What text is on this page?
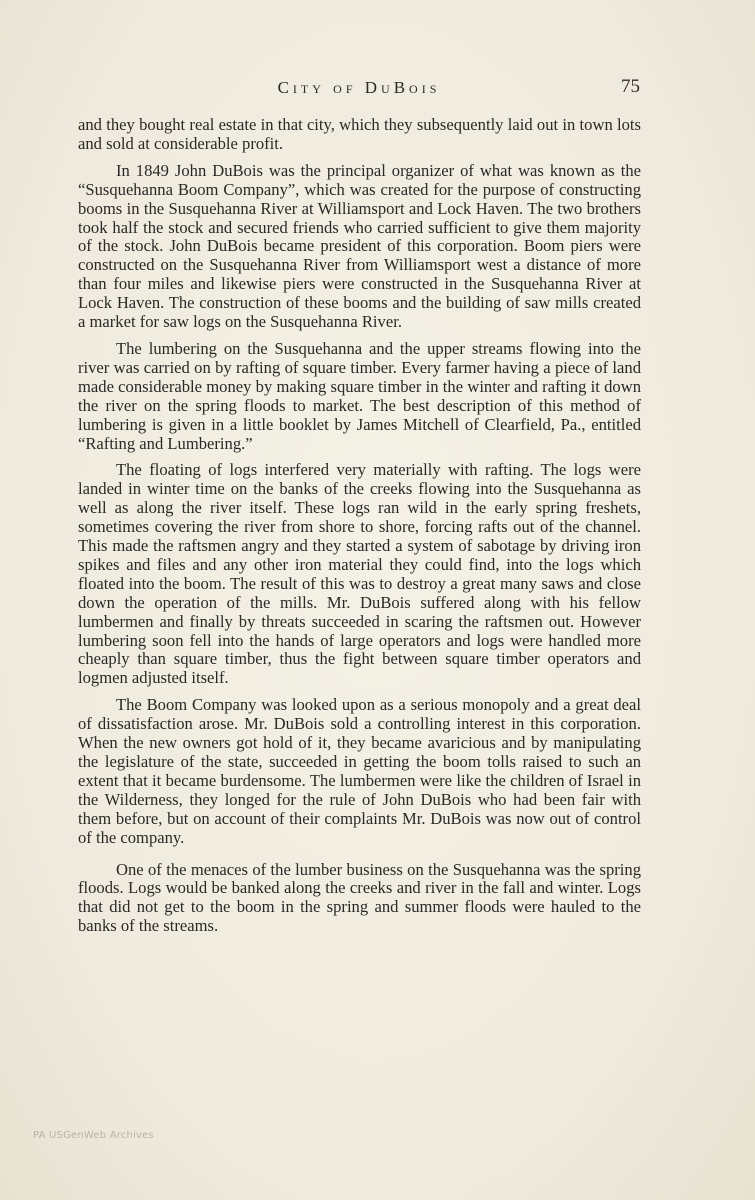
City of DuBois	75

and they bought real estate in that city, which they subsequently laid out in town lots and sold at considerable profit.

In 1849 John DuBois was the principal organizer of what was known as the “Susquehanna Boom Company”, which was created for the purpose of constructing booms in the Susquehanna River at Williamsport and Lock Haven. The two brothers took half the stock and secured friends who carried sufficient to give them majority of the stock. John DuBois became president of this corporation. Boom piers were constructed on the Susquehanna River from Williamsport west a distance of more than four miles and likewise piers were constructed in the Susquehanna River at Lock Haven. The construction of these booms and the building of saw mills created a market for saw logs on the Susquehanna River.

The lumbering on the Susquehanna and the upper streams flowing into the river was carried on by rafting of square timber. Every farmer having a piece of land made considerable money by making square timber in the winter and rafting it down the river on the spring floods to market. The best description of this method of lumbering is given in a little booklet by James Mitchell of Clearfield, Pa., entitled “Rafting and Lumbering.”

The floating of logs interfered very materially with rafting. The logs were landed in winter time on the banks of the creeks flowing into the Susquehanna as well as along the river itself. These logs ran wild in the early spring freshets, sometimes covering the river from shore to shore, forcing rafts out of the channel. This made the raftsmen angry and they started a system of sabotage by driving iron spikes and files and any other iron material they could find, into the logs which floated into the boom. The result of this was to destroy a great many saws and close down the operation of the mills. Mr. DuBois suffered along with his fellow lumbermen and finally by threats succeeded in scaring the raftsmen out. However lumbering soon fell into the hands of large operators and logs were handled more cheaply than square timber, thus the fight between square timber operators and logmen adjusted itself.

The Boom Company was looked upon as a serious monopoly and a great deal of dissatisfaction arose. Mr. DuBois sold a controlling interest in this corporation. When the new owners got hold of it, they became avaricious and by manipulating the legislature of the state, succeeded in getting the boom tolls raised to such an extent that it became burdensome. The lumbermen were like the children of Israel in the Wilderness, they longed for the rule of John DuBois who had been fair with them before, but on account of their complaints Mr. DuBois was now out of control of the company.

One of the menaces of the lumber business on the Susquehanna was the spring floods. Logs would be banked along the creeks and river in the fall and winter. Logs that did not get to the boom in the spring and summer floods were hauled to the banks of the streams.

PA USGenWeb Archives
